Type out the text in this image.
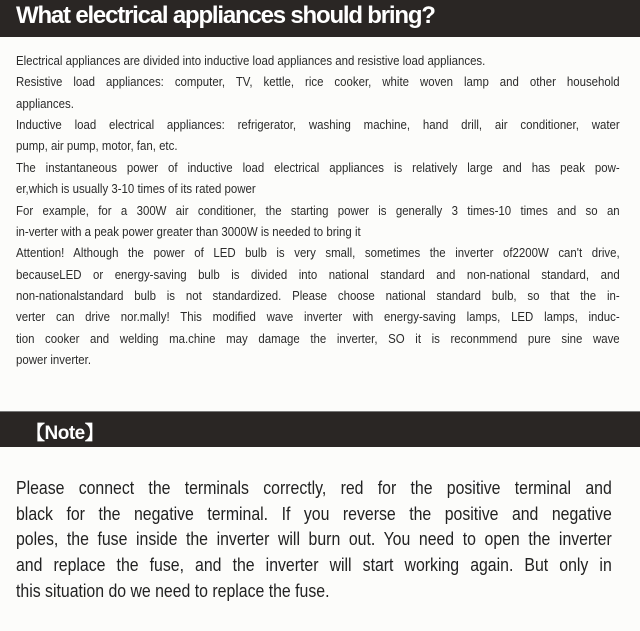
What electrical appliances should bring?
Electrical appliances are divided into inductive load appliances and resistive load appliances.
Resistive load appliances: computer, TV, kettle, rice cooker, white woven lamp and other household
appliances.
Inductive load electrical appliances: refrigerator, washing machine, hand drill, air conditioner, water
pump, air pump, motor, fan, etc.
The instantaneous power of inductive load electrical appliances is relatively large and has peak pow-
er,which is usually 3-10 times of its rated power
For example, for a 300W air conditioner, the starting power is generally 3 times-10 times and so an
in-verter with a peak power greater than 3000W is needed to bring it
Attention! Although the power of LED bulb is very small, sometimes the inverter of2200W can't drive,
becauseLED or energy-saving bulb is divided into national standard and non-national standard, and
non-nationalstandard bulb is not standardized. Please choose national standard bulb, so that the in-
verter can drive nor.mally! This modified wave inverter with energy-saving lamps, LED lamps, induc-
tion cooker and welding ma.chine may damage the inverter, SO it is reconmmend pure sine wave
power inverter.
【Note】
Please connect the terminals correctly, red for the positive terminal and
black for the negative terminal. If you reverse the positive and negative
poles, the fuse inside the inverter will burn out. You need to open the inverter
and replace the fuse, and the inverter will start working again. But only in
this situation do we need to replace the fuse.
